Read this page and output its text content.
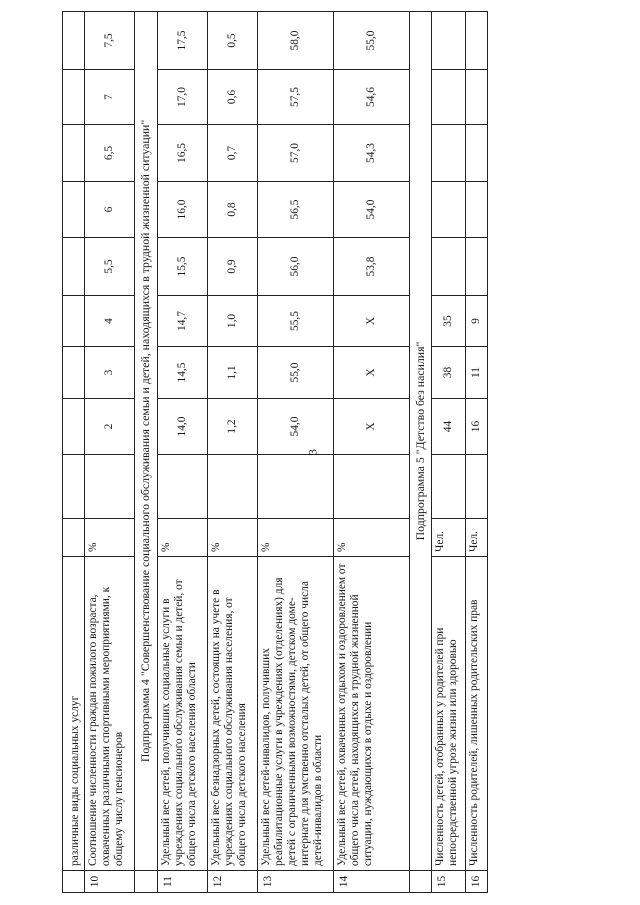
3
	различные виды социальных услуг										
10	Соотношение численности граждан пожилого возраста, охваченных различными спортивными мероприятиями, к общему числу пенсионеров	%		2	3	4	5,5	6	6,5	7	7,5
	Подпрограмма 4 "Совершенствование социального обслуживания семьи и детей, находящихся в трудной жизненной ситуации"										
11	Удельный вес детей, получивших социальные услуги в учреждениях социального обслуживания семьи и детей, от общего числа детского населения области	%		14,0	14,5	14,7	15,5	16,0	16,5	17,0	17,5
12	Удельный вес безнадзорных детей, состоящих на учете в учреждениях социального обслуживания населения, от общего числа детского населения	%		1,2	1,1	1,0	0,9	0,8	0,7	0,6	0,5
13	Удельный вес детей-инвалидов, получивших реабилитационные услуги в учреждениях (отделениях) для детей с ограниченными возможностями, детском доме-интернате для умственно отсталых детей, от общего числа детей-инвалидов в области	%		54,0	55,0	55,5	56,0	56,5	57,0	57,5	58,0
14	Удельный вес детей, охваченных отдыхом и оздоровлением от общего числа детей, находящихся в трудной жизненной ситуации, нуждающихся в отдыхе и оздоровлении	%		X	X	X	53,8	54,0	54,3	54,6	55,0
	Подпрограмма 5 "Детство без насилия"										
15	Численность детей, отобранных у родителей при непосредственной угрозе жизни или здоровью	Чел.		44	38	35					
16	Численность родителей, лишенных родительских прав	Чел.		16	11	9					
